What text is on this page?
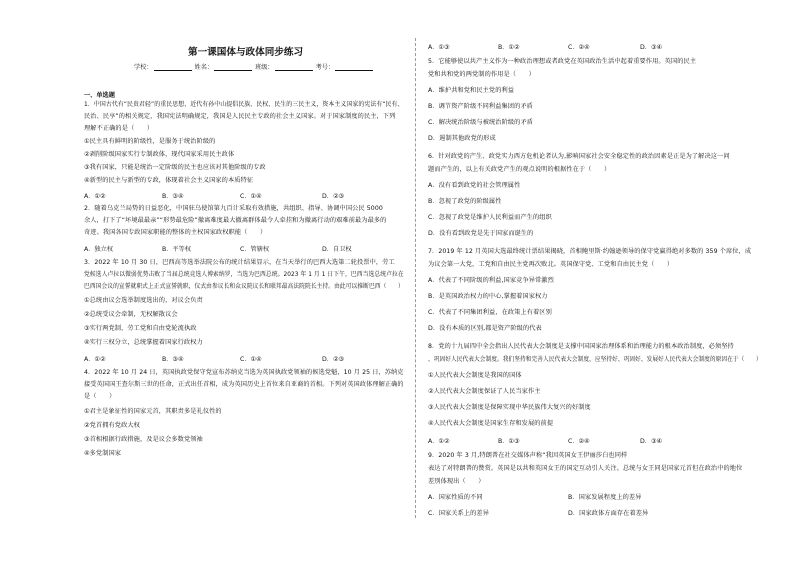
第一课国体与政体同步练习
学校：	姓名：	班级：	考号：
一、单选题
1．中国古代有“民贵君轻”的重民思想，近代有孙中山提倡民族、民权、民生的三民主义，资本主义国家的宪法有“民有、
民治、民享”的相关规定，我国宪法明确规定，我国是人民民主专政的社会主义国家。对于国家制度的民主，下列
理解不正确的是（　　）
①民主具有鲜明的阶级性，是服务于统治阶级的
②剥削阶级国家实行专制政体，现代国家采用民主政体
③我有国家，只能是统治一定阶级的民主也应该对其他阶级的专政
④新型的民主与新型的专政，体现着社会主义国家的本质特征
A．①②	B．③④	C．①④	D．②③
2．随着乌克兰局势的日益恶化，中国驻乌使馆第九百计采取有效措施，共组织、指导、协调中国公民 5000
余人，打下了“坏境最最亲”“形势最危险”撤离难度最大撤离群体最令人牵挂和为撤离行动的艰难前最为最多的
奇迹。我国各国专政国家职能的整体的主权国家政权职能（　　）
A．独立权	B．平等权	C．管辖权	D．自卫权
3．2022 年 10 月 30 日，巴西高等选举法院公布的统计结果显示，在当天举行的巴西大选第二轮投票中，劳工
党候选人卢拉以微弱优势击败了当届总统竞选人博索纳罗，当选为巴西总统。2023 年 1 月 1 日下午，巴西当选总统卢拉在
巴西国会议的宣誓就职式上正式宣誓就职，仪式由参议长和众议院议长和联邦最高法院院长主持。由此可以推断巴西（　　）
①总统由议会选举制度选出的，对议会负责
②总统受议会牵制，无权解散议会
③实行两党制，劳工党和自由党轮流执政
④实行三权分立，总统掌握着国家行政权力
A．①②	B．③④	C．①④	D．②③
4．2022 年 10 月 24 日，英国执政党保守党宣布苏纳克当选为英国执政党领袖的候选党魁，10 月 25 日，苏纳克
接受英国国王查尔斯三世的任命，正式出任首相，成为英国历史上首位来自亚裔的首相。下列对英国政体理解正确的
是（　　）
①君主是象征性的国家元首，其职责多是礼仪性的
②党首拥有党政大权
③首相根据行政措施，及是议会多数党领袖
④多党制国家
A．①③	B．①②	C．②④	D．③④
5．它能够使以共产主义作为一种政治理想或者政党在英国政治生活中起着重要作用。英国的民主
党和共和党的两党制的作用是（　　）
A．维护共和党和民主党的利益
B．调节资产阶级不同利益集团的矛盾
C．解决统治阶级与被统治阶级的矛盾
D．遏制其他政党的形成
6．针对政党的产生、政党实力西方危机论者认为,影响国家社会安全稳定性的政治因素是正是为了解决这一问
题而产生的，以上有关政党产生的观点说明的根据性在于（　　）
A．没有看到政党的社会管理属性
B．忽视了政党的阶级属性
C．忽视了政党是维护人民利益而产生的组织
D．没有看到政党是先于国家而诞生的
7．2019 年 12 月英国大选最终统计票结果揭晓，首相鲍里斯·约翰逊领导的保守党赢得绝对多数的 359 个席位，成
为议会第一大党，工党和自由民主党再次败北。英国保守党、工党和自由民主党（　　）
A．代表了不同阶级的利益,国家竞争异常激烈
B．是英国政治权力的中心,掌握着国家权力
C．代表了不同集团利益，在政策上有着区别
D．没有本质的区别,都是资产阶级的代表
8．党的十九届四中全会指出人民代表大会制度是支撑中国国家治理体系和治理能力的根本政治制度，必须坚持
、巩固好人民代表大会制度。我们坚持和完善人民代表大会制度，应坚持好、巩固好、发展好人民代表大会制度的原因在于（　　）
①人民代表大会制度是我国的国体
②人民代表大会制度保证了人民当家作主
③人民代表大会制度是保障实现中华民族伟大复兴的好制度
④人民代表大会制度是国家生存和发展的前提
A．①②	B．①③	C．②④	D．③④
9．2020 年 3 月,特朗普在社交媒体声称“我因英国女王伊丽莎白也同样
表达了对特朗普的赞赏。英国是以共和英国女王的国定互动引人关注。总统与女王同是国家元首但在政治中的地位
差别体现出（　　）
A．国家性质的不同	B．国家发展程度上的差异
C．国家关系上的差异	D．国家政体方面存在着差异
